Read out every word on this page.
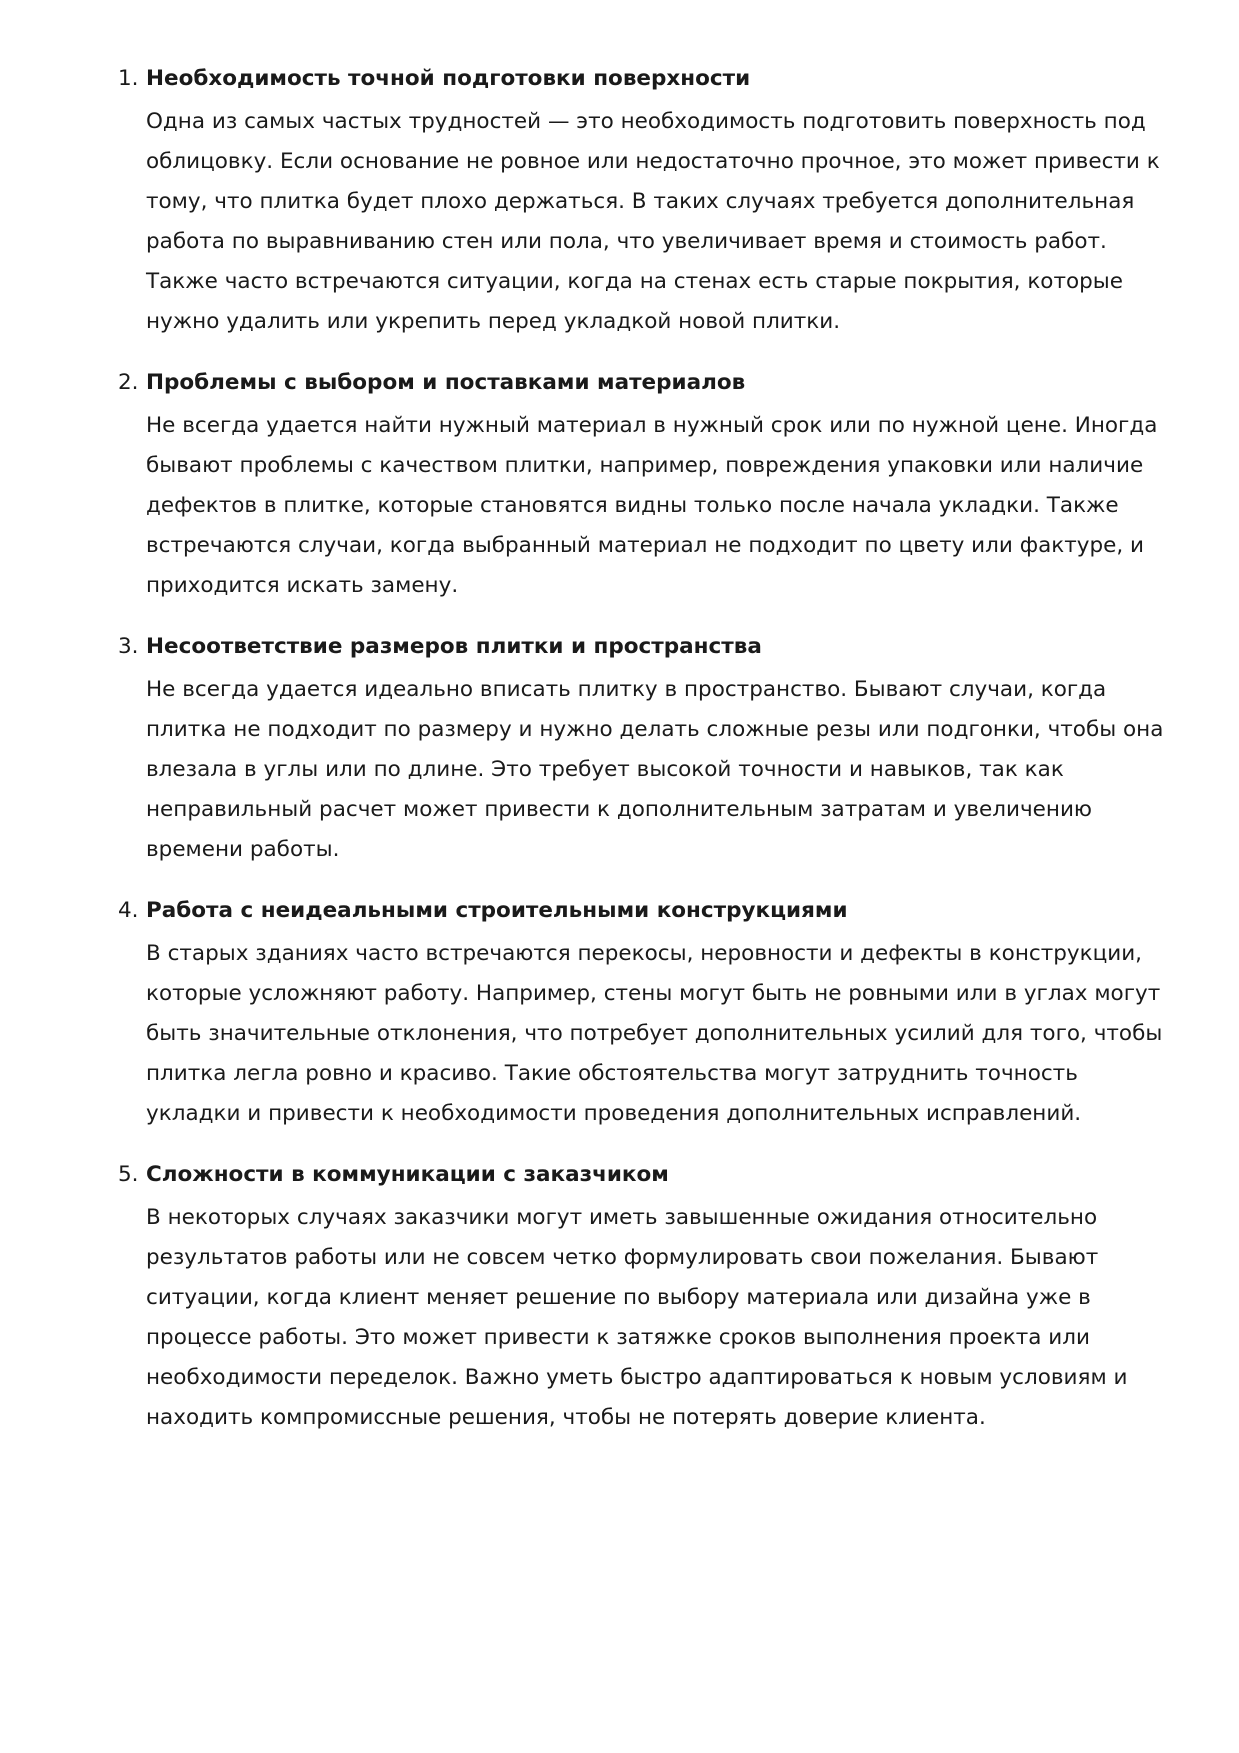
1. Необходимость точной подготовки поверхности
Одна из самых частых трудностей — это необходимость подготовить поверхность под облицовку. Если основание не ровное или недостаточно прочное, это может привести к тому, что плитка будет плохо держаться. В таких случаях требуется дополнительная работа по выравниванию стен или пола, что увеличивает время и стоимость работ. Также часто встречаются ситуации, когда на стенах есть старые покрытия, которые нужно удалить или укрепить перед укладкой новой плитки.
2. Проблемы с выбором и поставками материалов
Не всегда удается найти нужный материал в нужный срок или по нужной цене. Иногда бывают проблемы с качеством плитки, например, повреждения упаковки или наличие дефектов в плитке, которые становятся видны только после начала укладки. Также встречаются случаи, когда выбранный материал не подходит по цвету или фактуре, и приходится искать замену.
3. Несоответствие размеров плитки и пространства
Не всегда удается идеально вписать плитку в пространство. Бывают случаи, когда плитка не подходит по размеру и нужно делать сложные резы или подгонки, чтобы она влезала в углы или по длине. Это требует высокой точности и навыков, так как неправильный расчет может привести к дополнительным затратам и увеличению времени работы.
4. Работа с неидеальными строительными конструкциями
В старых зданиях часто встречаются перекосы, неровности и дефекты в конструкции, которые усложняют работу. Например, стены могут быть не ровными или в углах могут быть значительные отклонения, что потребует дополнительных усилий для того, чтобы плитка легла ровно и красиво. Такие обстоятельства могут затруднить точность укладки и привести к необходимости проведения дополнительных исправлений.
5. Сложности в коммуникации с заказчиком
В некоторых случаях заказчики могут иметь завышенные ожидания относительно результатов работы или не совсем четко формулировать свои пожелания. Бывают ситуации, когда клиент меняет решение по выбору материала или дизайна уже в процессе работы. Это может привести к затяжке сроков выполнения проекта или необходимости переделок. Важно уметь быстро адаптироваться к новым условиям и находить компромиссные решения, чтобы не потерять доверие клиента.
